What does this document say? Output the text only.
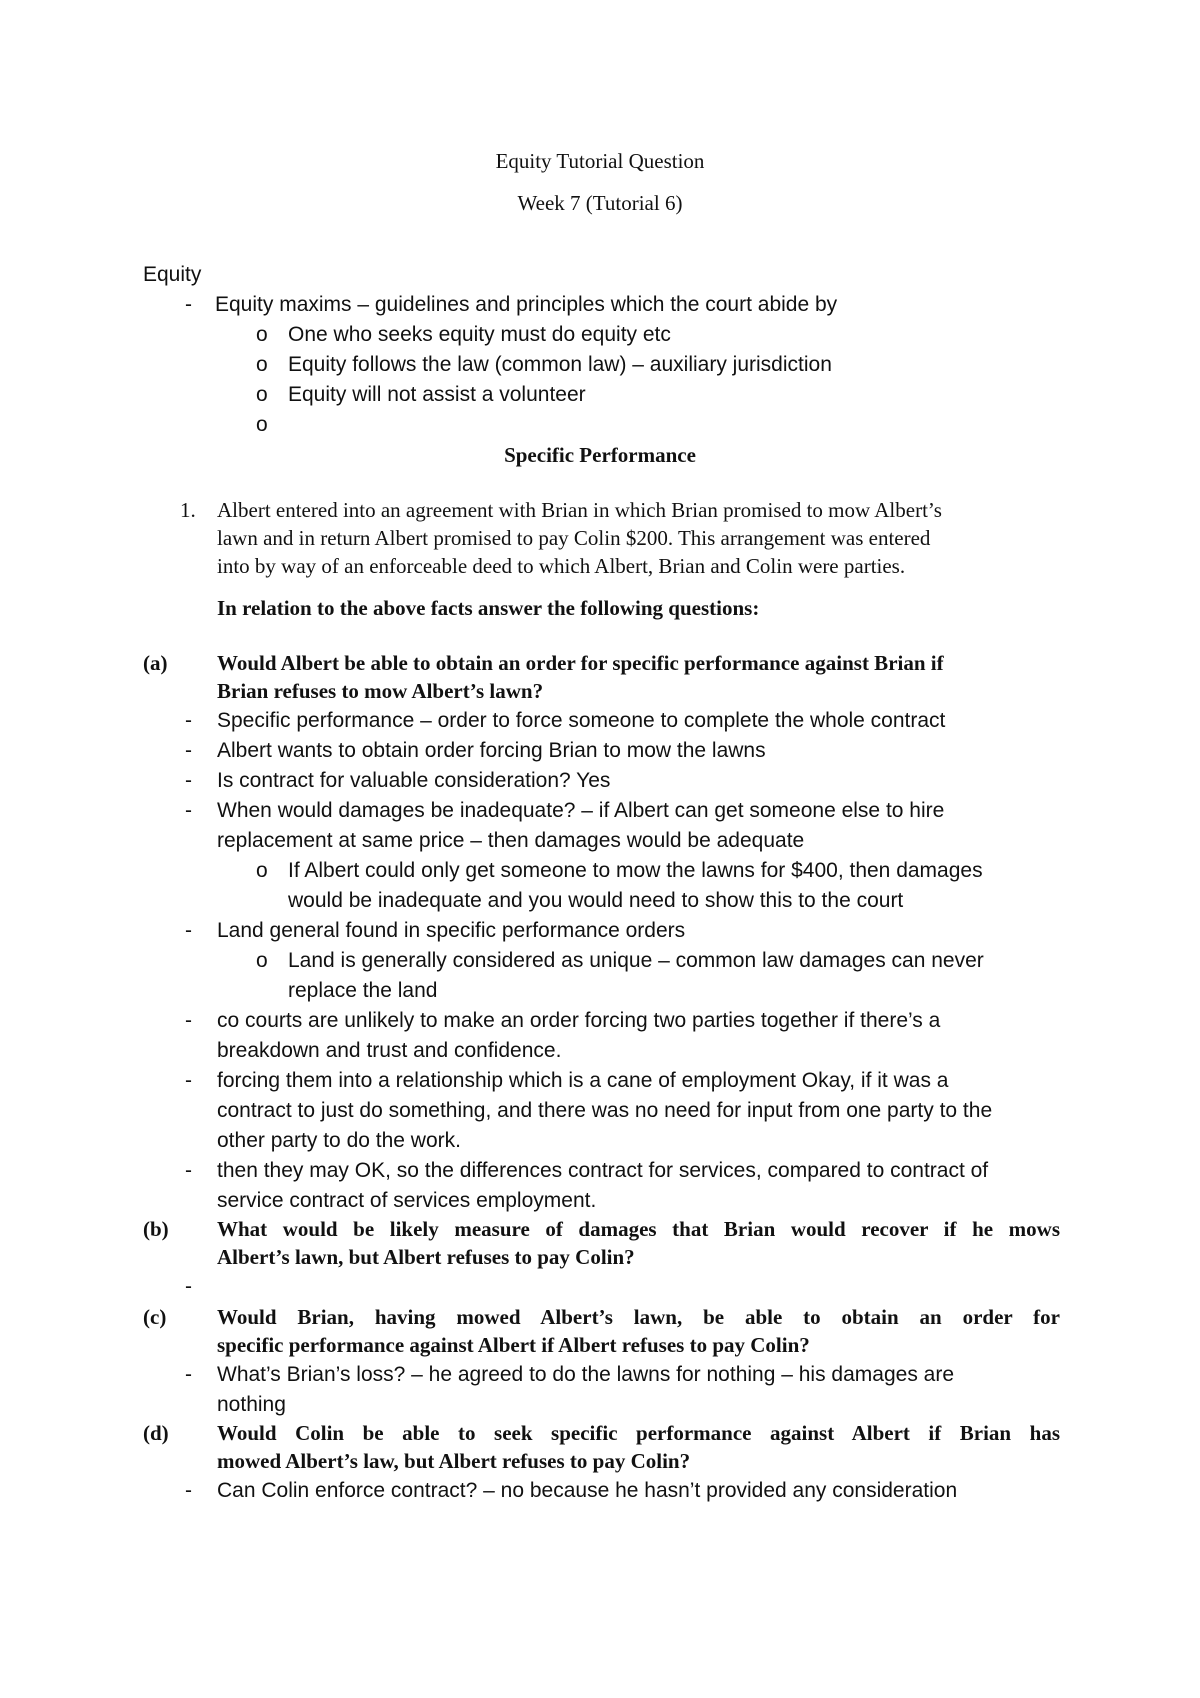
Equity Tutorial Question
Week 7 (Tutorial 6)
Equity
- Equity maxims – guidelines and principles which the court abide by
o One who seeks equity must do equity etc
o Equity follows the law (common law) – auxiliary jurisdiction
o Equity will not assist a volunteer
o
Specific Performance
1. Albert entered into an agreement with Brian in which Brian promised to mow Albert’s
lawn and in return Albert promised to pay Colin $200. This arrangement was entered
into by way of an enforceable deed to which Albert, Brian and Colin were parties.
In relation to the above facts answer the following questions:
(a) Would Albert be able to obtain an order for specific performance against Brian if
Brian refuses to mow Albert’s lawn?
- Specific performance – order to force someone to complete the whole contract
- Albert wants to obtain order forcing Brian to mow the lawns
- Is contract for valuable consideration? Yes
- When would damages be inadequate? – if Albert can get someone else to hire
replacement at same price – then damages would be adequate
o If Albert could only get someone to mow the lawns for $400, then damages
would be inadequate and you would need to show this to the court
- Land general found in specific performance orders
o Land is generally considered as unique – common law damages can never
replace the land
- co courts are unlikely to make an order forcing two parties together if there’s a
breakdown and trust and confidence.
- forcing them into a relationship which is a cane of employment Okay, if it was a
contract to just do something, and there was no need for input from one party to the
other party to do the work.
- then they may OK, so the differences contract for services, compared to contract of
service contract of services employment.
(b) What would be likely measure of damages that Brian would recover if he mows
Albert’s lawn, but Albert refuses to pay Colin?
-
(c) Would Brian, having mowed Albert’s lawn, be able to obtain an order for
specific performance against Albert if Albert refuses to pay Colin?
- What’s Brian’s loss? – he agreed to do the lawns for nothing – his damages are
nothing
(d) Would Colin be able to seek specific performance against Albert if Brian has
mowed Albert’s law, but Albert refuses to pay Colin?
- Can Colin enforce contract? – no because he hasn’t provided any consideration
